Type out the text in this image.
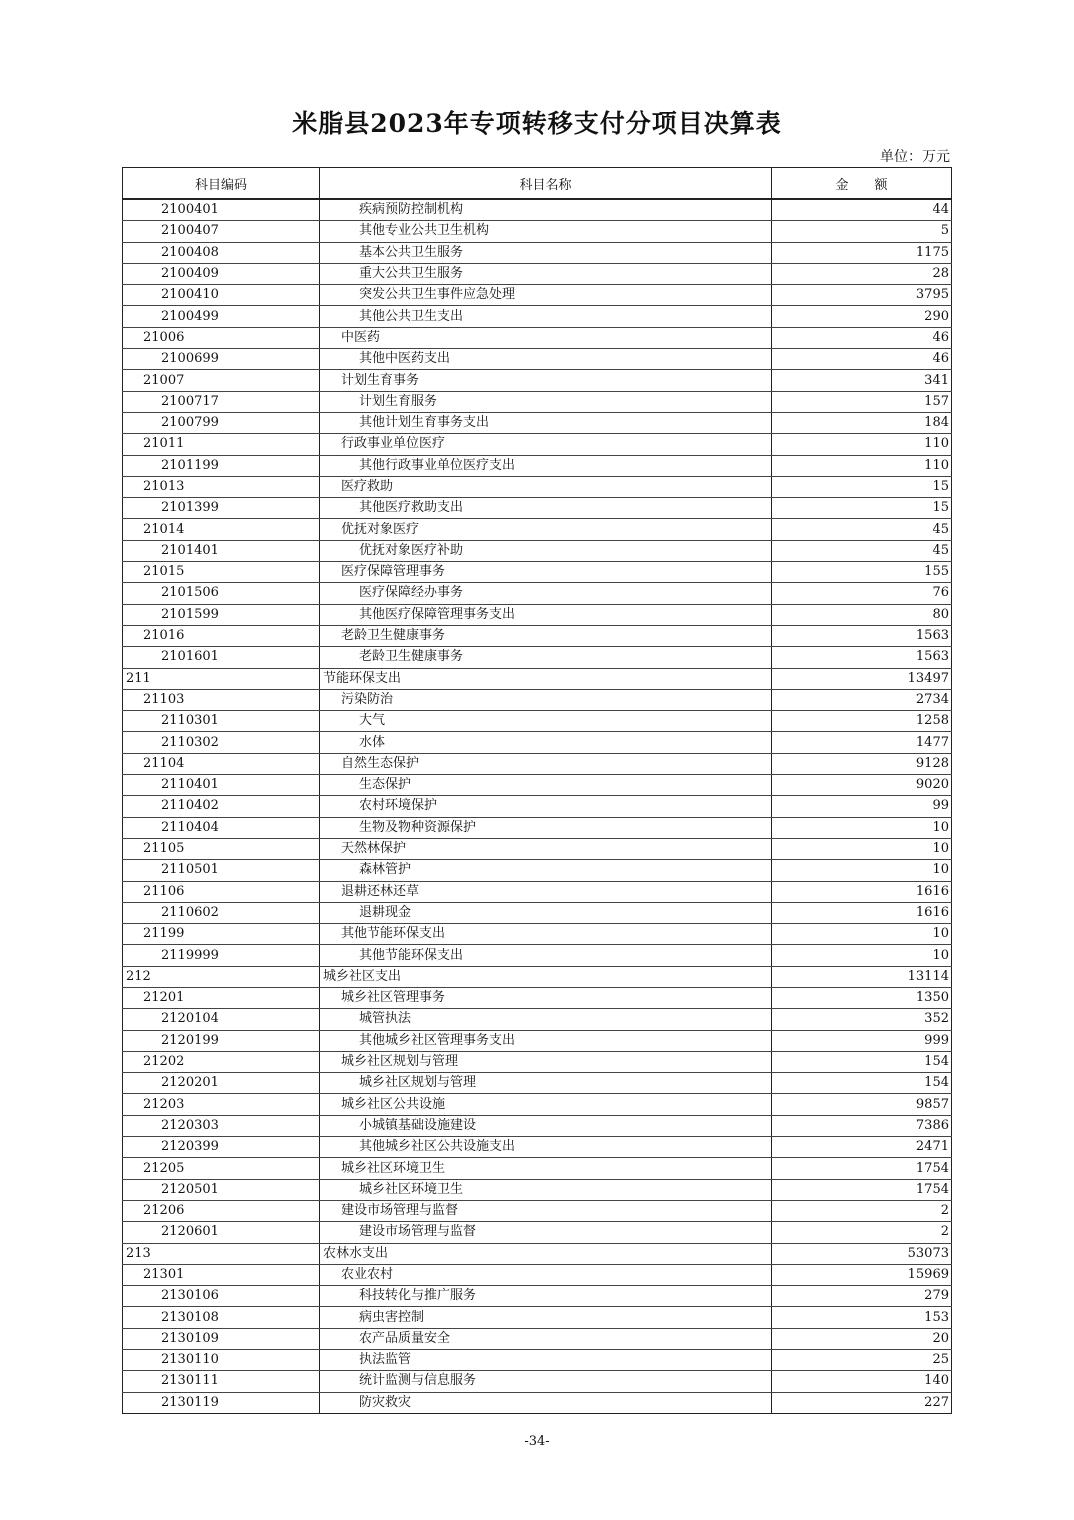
米脂县2023年专项转移支付分项目决算表
单位：万元
科目编码	科目名称	金　　额
2100401	疾病预防控制机构	44
2100407	其他专业公共卫生机构	5
2100408	基本公共卫生服务	1175
2100409	重大公共卫生服务	28
2100410	突发公共卫生事件应急处理	3795
2100499	其他公共卫生支出	290
21006	中医药	46
2100699	其他中医药支出	46
21007	计划生育事务	341
2100717	计划生育服务	157
2100799	其他计划生育事务支出	184
21011	行政事业单位医疗	110
2101199	其他行政事业单位医疗支出	110
21013	医疗救助	15
2101399	其他医疗救助支出	15
21014	优抚对象医疗	45
2101401	优抚对象医疗补助	45
21015	医疗保障管理事务	155
2101506	医疗保障经办事务	76
2101599	其他医疗保障管理事务支出	80
21016	老龄卫生健康事务	1563
2101601	老龄卫生健康事务	1563
211	节能环保支出	13497
21103	污染防治	2734
2110301	大气	1258
2110302	水体	1477
21104	自然生态保护	9128
2110401	生态保护	9020
2110402	农村环境保护	99
2110404	生物及物种资源保护	10
21105	天然林保护	10
2110501	森林管护	10
21106	退耕还林还草	1616
2110602	退耕现金	1616
21199	其他节能环保支出	10
2119999	其他节能环保支出	10
212	城乡社区支出	13114
21201	城乡社区管理事务	1350
2120104	城管执法	352
2120199	其他城乡社区管理事务支出	999
21202	城乡社区规划与管理	154
2120201	城乡社区规划与管理	154
21203	城乡社区公共设施	9857
2120303	小城镇基础设施建设	7386
2120399	其他城乡社区公共设施支出	2471
21205	城乡社区环境卫生	1754
2120501	城乡社区环境卫生	1754
21206	建设市场管理与监督	2
2120601	建设市场管理与监督	2
213	农林水支出	53073
21301	农业农村	15969
2130106	科技转化与推广服务	279
2130108	病虫害控制	153
2130109	农产品质量安全	20
2130110	执法监管	25
2130111	统计监测与信息服务	140
2130119	防灾救灾	227
-34-
